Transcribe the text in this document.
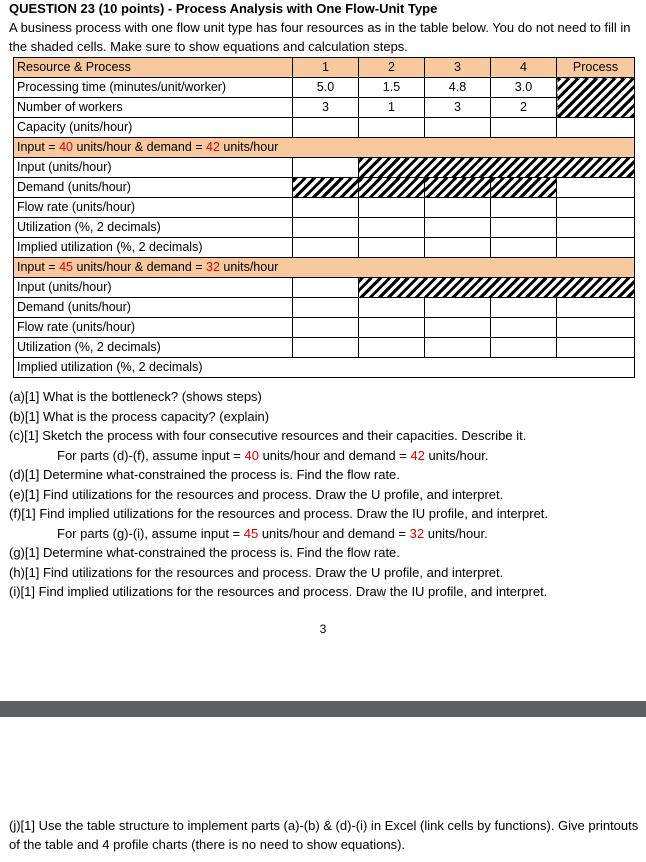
QUESTION 23 (10 points) - Process Analysis with One Flow-Unit Type
A business process with one flow unit type has four resources as in the table below. You do not need to fill in the shaded cells. Make sure to show equations and calculation steps.
Resource & Process	1	2	3	4	Process
Processing time (minutes/unit/worker)	5.0	1.5	4.8	3.0	
Number of workers	3	1	3	2	
Capacity (units/hour)					
Input = 40 units/hour & demand = 42 units/hour					
Input (units/hour)					
Demand (units/hour)					
Flow rate (units/hour)					
Utilization (%, 2 decimals)					
Implied utilization (%, 2 decimals)					
Input = 45 units/hour & demand = 32 units/hour					
Input (units/hour)					
Demand (units/hour)					
Flow rate (units/hour)					
Utilization (%, 2 decimals)					
Implied utilization (%, 2 decimals)					
(a)[1] What is the bottleneck? (shows steps)
(b)[1] What is the process capacity? (explain)
(c)[1] Sketch the process with four consecutive resources and their capacities. Describe it.
For parts (d)-(f), assume input = 40 units/hour and demand = 42 units/hour.
(d)[1] Determine what-constrained the process is. Find the flow rate.
(e)[1] Find utilizations for the resources and process. Draw the U profile, and interpret.
(f)[1] Find implied utilizations for the resources and process. Draw the IU profile, and interpret.
For parts (g)-(i), assume input = 45 units/hour and demand = 32 units/hour.
(g)[1] Determine what-constrained the process is. Find the flow rate.
(h)[1] Find utilizations for the resources and process. Draw the U profile, and interpret.
(i)[1] Find implied utilizations for the resources and process. Draw the IU profile, and interpret.
3
(j)[1] Use the table structure to implement parts (a)-(b) & (d)-(i) in Excel (link cells by functions). Give printouts of the table and 4 profile charts (there is no need to show equations).
